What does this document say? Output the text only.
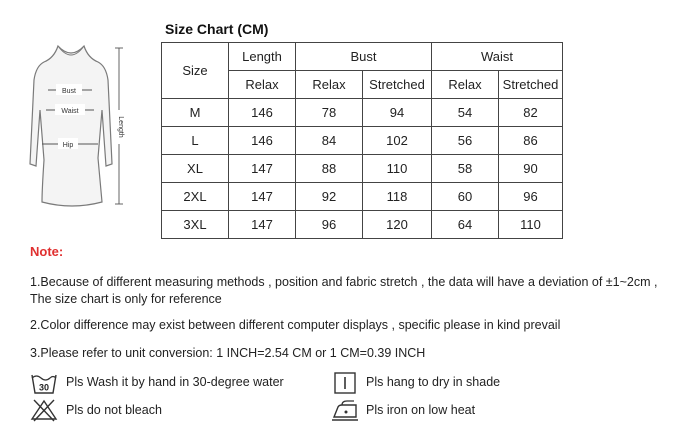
Bust
Waist
Hip
Length
Size Chart (CM)
Size	Length	Bust		Waist	
	Relax	Relax	Stretched	Relax	Stretched
M	146	78	94	54	82
L	146	84	102	56	86
XL	147	88	110	58	90
2XL	147	92	118	60	96
3XL	147	96	120	64	110
Note:
1.Because of different measuring methods , position and fabric stretch , the data will have a deviation of ±1~2cm ,
The size chart is only for reference
2.Color difference may exist between different computer displays , specific please in kind prevail
3.Please refer to unit conversion: 1 INCH=2.54 CM or 1 CM=0.39 INCH
30 Pls Wash it by hand in 30-degree water
Pls do not bleach
Pls hang to dry in shade
Pls iron on low heat
